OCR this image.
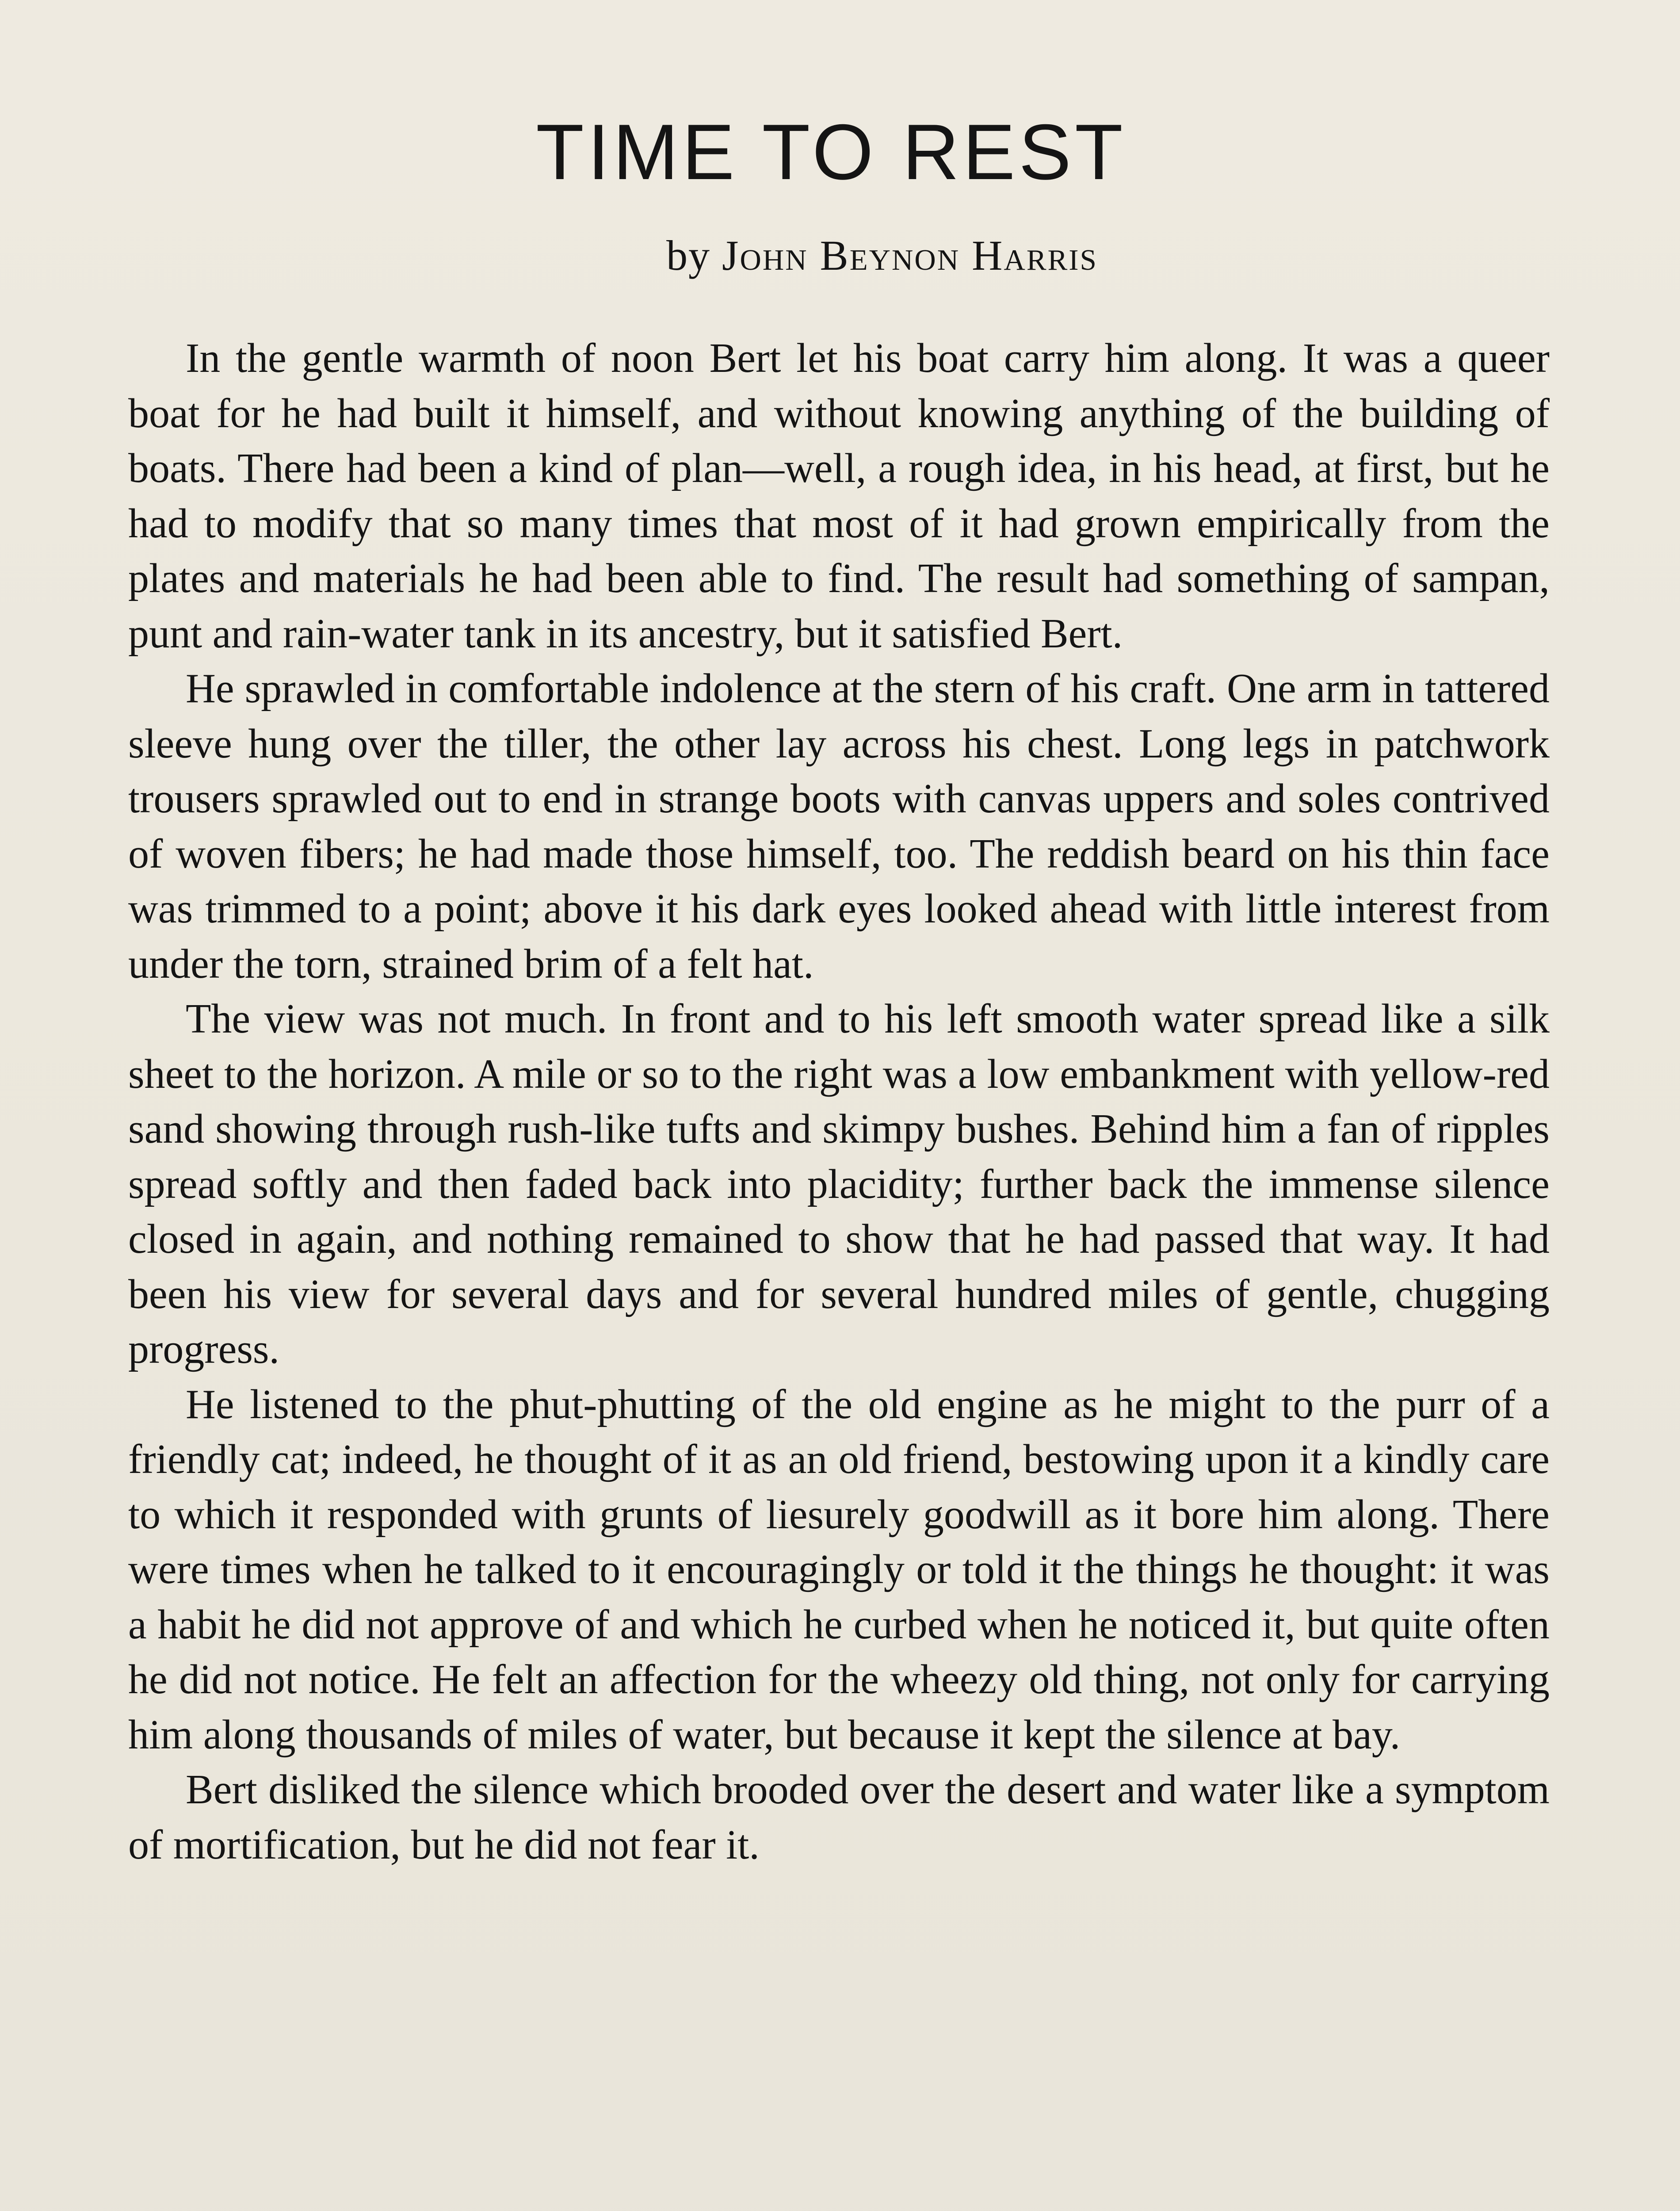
TIME TO REST
by John Beynon Harris

In the gentle warmth of noon Bert let his boat carry him along. It was a queer boat for he had built it himself, and without knowing anything of the building of boats. There had been a kind of plan—well, a rough idea, in his head, at first, but he had to modify that so many times that most of it had grown empirically from the plates and materials he had been able to find. The result had something of sampan, punt and rain-water tank in its ancestry, but it satisfied Bert.

He sprawled in comfortable indolence at the stern of his craft. One arm in tattered sleeve hung over the tiller, the other lay across his chest. Long legs in patchwork trousers sprawled out to end in strange boots with canvas uppers and soles contrived of woven fibers; he had made those himself, too. The reddish beard on his thin face was trimmed to a point; above it his dark eyes looked ahead with little interest from under the torn, strained brim of a felt hat.

The view was not much. In front and to his left smooth water spread like a silk sheet to the horizon. A mile or so to the right was a low embankment with yellow-red sand showing through rush-like tufts and skimpy bushes. Behind him a fan of ripples spread softly and then faded back into placidity; further back the immense silence closed in again, and nothing remained to show that he had passed that way. It had been his view for several days and for several hundred miles of gentle, chugging progress.

He listened to the phut-phutting of the old engine as he might to the purr of a friendly cat; indeed, he thought of it as an old friend, bestowing upon it a kindly care to which it responded with grunts of liesurely goodwill as it bore him along. There were times when he talked to it encouragingly or told it the things he thought: it was a habit he did not approve of and which he curbed when he noticed it, but quite often he did not notice. He felt an affection for the wheezy old thing, not only for carrying him along thousands of miles of water, but because it kept the silence at bay.

Bert disliked the silence which brooded over the desert and water like a symptom of mortification, but he did not fear it.
